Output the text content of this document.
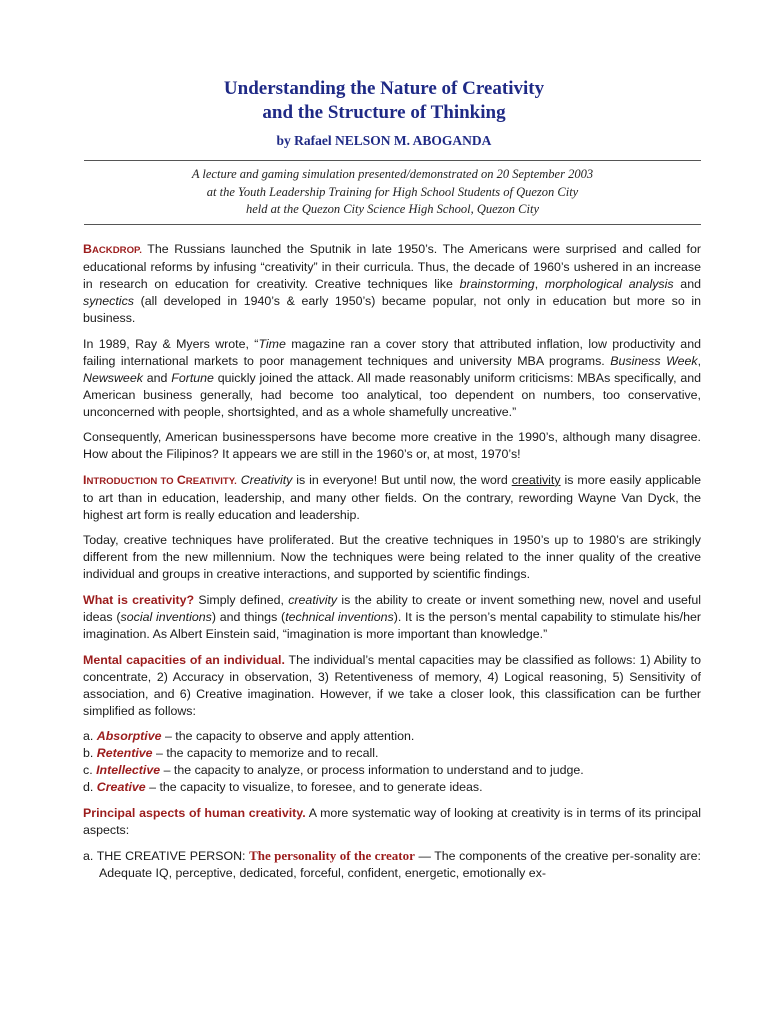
Understanding the Nature of Creativity
and the Structure of Thinking
by Rafael NELSON M. ABOGANDA
A lecture and gaming simulation presented/demonstrated on 20 September 2003
at the Youth Leadership Training for High School Students of Quezon City
held at the Quezon City Science High School, Quezon City

BACKDROP. The Russians launched the Sputnik in late 1950’s. The Americans were surprised and called for educational reforms by infusing “creativity” in their curricula. Thus, the decade of 1960’s ushered in an increase in research on education for creativity. Creative techniques like brainstorming, morphological analysis and synectics (all developed in 1940’s & early 1950’s) became popular, not only in education but more so in business.

In 1989, Ray & Myers wrote, “Time magazine ran a cover story that attributed inflation, low productivity and failing international markets to poor management techniques and university MBA programs. Business Week, Newsweek and Fortune quickly joined the attack. All made reasonably uniform criticisms: MBAs specifically, and American business generally, had become too analytical, too dependent on numbers, too conservative, unconcerned with people, shortsighted, and as a whole shamefully uncreative.”

Consequently, American businesspersons have become more creative in the 1990’s, although many disagree. How about the Filipinos? It appears we are still in the 1960’s or, at most, 1970’s!

INTRODUCTION TO CREATIVITY. Creativity is in everyone! But until now, the word creativity is more easily applicable to art than in education, leadership, and many other fields. On the contrary, rewording Wayne Van Dyck, the highest art form is really education and leadership.

Today, creative techniques have proliferated. But the creative techniques in 1950’s up to 1980’s are strikingly different from the new millennium. Now the techniques were being related to the inner quality of the creative individual and groups in creative interactions, and supported by scientific findings.

What is creativity? Simply defined, creativity is the ability to create or invent something new, novel and useful ideas (social inventions) and things (technical inventions). It is the person’s mental capability to stimulate his/her imagination. As Albert Einstein said, “imagination is more important than knowledge.”

Mental capacities of an individual. The individual’s mental capacities may be classified as follows: 1) Ability to concentrate, 2) Accuracy in observation, 3) Retentiveness of memory, 4) Logical reasoning, 5) Sensitivity of association, and 6) Creative imagination. However, if we take a closer look, this classification can be further simplified as follows:

a. Absorptive – the capacity to observe and apply attention.

b. Retentive – the capacity to memorize and to recall.

c. Intellective – the capacity to analyze, or process information to understand and to judge.

d. Creative – the capacity to visualize, to foresee, and to generate ideas.

Principal aspects of human creativity. A more systematic way of looking at creativity is in terms of its principal aspects:

a. THE CREATIVE PERSON: The personality of the creator — The components of the creative per-sonality are: Adequate IQ, perceptive, dedicated, forceful, confident, energetic, emotionally ex-
